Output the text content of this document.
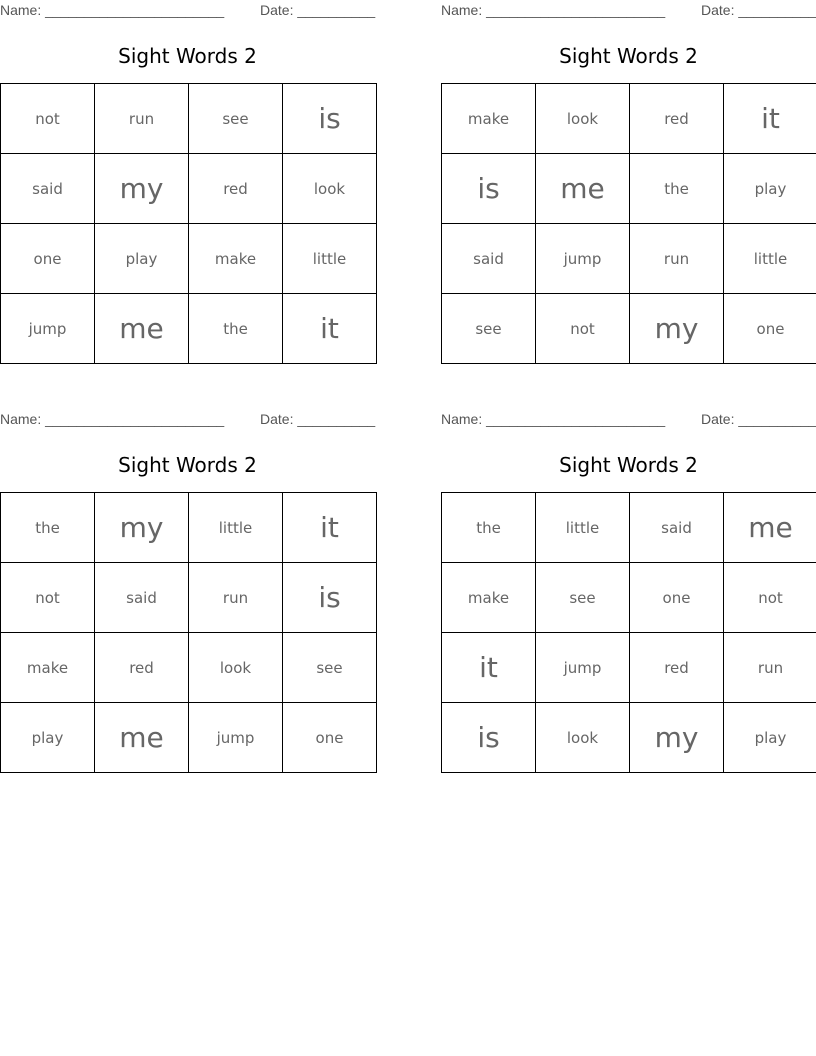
Name: _______________________	Date: __________
Sight Words 2
not	run	see	is
said	my	red	look
one	play	make	little
jump	me	the	it
Name: _______________________	Date: __________
Sight Words 2
make	look	red	it
is	me	the	play
said	jump	run	little
see	not	my	one
Name: _______________________	Date: __________
Sight Words 2
the	my	little	it
not	said	run	is
make	red	look	see
play	me	jump	one
Name: _______________________	Date: __________
Sight Words 2
the	little	said	me
make	see	one	not
it	jump	red	run
is	look	my	play
